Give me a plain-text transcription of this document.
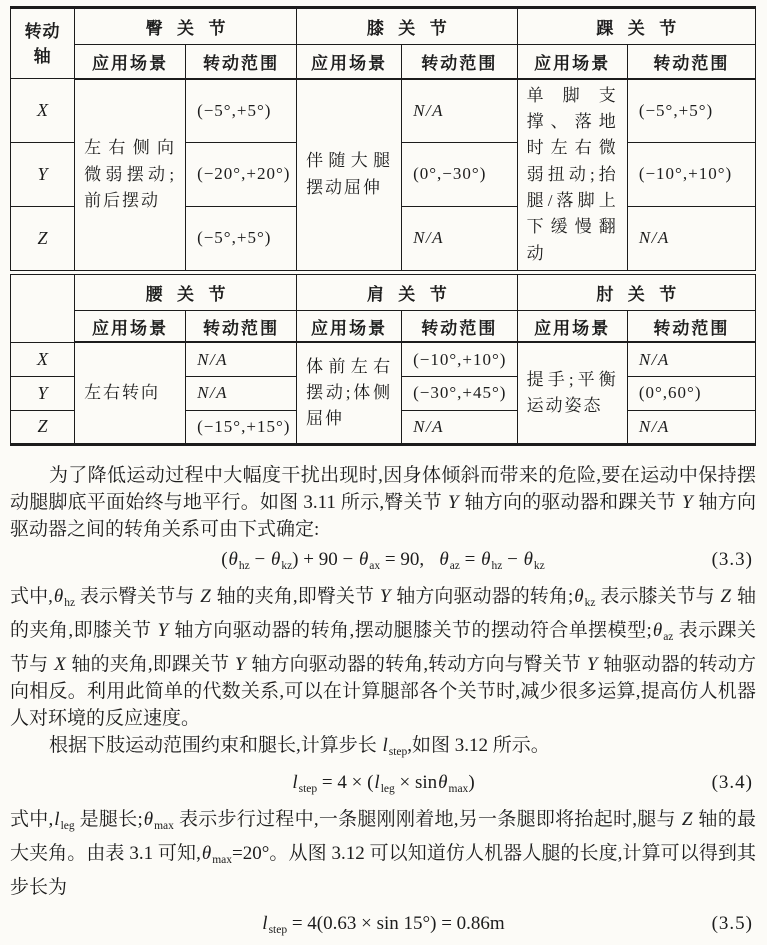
转动轴	臀关节		膝关节		踝关节	
	应用场景	转动范围	应用场景	转动范围	应用场景	转动范围
X	左右侧向微弱摆动;前后摆动	(−5°,+5°)	伴随大腿摆动屈伸	N/A	单脚支撑、落地时左右微弱扭动;抬腿/落脚上下缓慢翻动	(−5°,+5°)
Y		(−20°,+20°)		(0°,−30°)		(−10°,+10°)
Z		(−5°,+5°)		N/A		N/A
	腰关节		肩关节		肘关节	
	应用场景	转动范围	应用场景	转动范围	应用场景	转动范围
X	左右转向	N/A	体前左右摆动;体侧屈伸	(−10°,+10°)	提手;平衡运动姿态	N/A
Y		N/A		(−30°,+45°)		(0°,60°)
Z		(−15°,+15°)		N/A		N/A

为了降低运动过程中大幅度干扰出现时,因身体倾斜而带来的危险,要在运动中保持摆动腿脚底平面始终与地平行。如图 3.11 所示,臀关节 Y 轴方向的驱动器和踝关节 Y 轴方向驱动器之间的转角关系可由下式确定:

$(\theta_{hz} - \theta_{kz}) + 90 - \theta_{ax} = 90$,   $\theta_{az} = \theta_{hz} - \theta_{kz}$	(3.3)

式中$,\theta_{hz}$ 表示臀关节与 Z 轴的夹角,即臀关节 Y 轴方向驱动器的转角$;\theta_{kz}$ 表示膝关节与 Z 轴的夹角,即膝关节 Y 轴方向驱动器的转角,摆动腿膝关节的摆动符合单摆模型$;\theta_{az}$ 表示踝关节与 X 轴的夹角,即踝关节 Y 轴方向驱动器的转角,转动方向与臀关节 Y 轴驱动器的转动方向相反。利用此简单的代数关系,可以在计算腿部各个关节时,减少很多运算,提高仿人机器人对环境的反应速度。

根据下肢运动范围约束和腿长,计算步长 $l_{step}$,如图 3.12 所示。

$l_{step} = 4 \times (l_{leg} \times \sin\theta_{max})$	(3.4)

式中$,l_{leg}$ 是腿长$;\theta_{max}$ 表示步行过程中,一条腿刚刚着地,另一条腿即将抬起时,腿与 Z 轴的最大夹角。由表 3.1 可知$,\theta_{max}=20^\circ$。从图 3.12 可以知道仿人机器人腿的长度,计算可以得到其步长为

$l_{step} = 4(0.63 \times \sin 15^\circ) = 0.86m$	(3.5)
